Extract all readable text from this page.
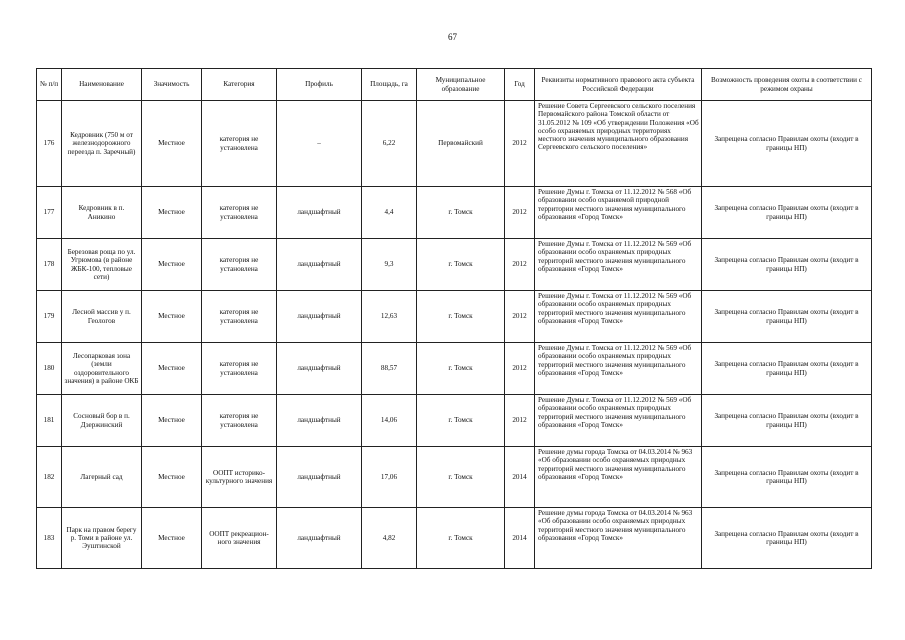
67
№ п/п	Наименование	Значимость	Категория	Профиль	Площадь, га	Муниципальное образование	Год	Реквизиты нормативного правового акта субъекта Российской Федерации	Возможность проведения охоты в соответствии с режимом охраны
176	Кедровник (750 м от железнодорожного переезда п. Заречный)	Местное	категория не установлена	–	6,22	Первомайский	2012	Решение Совета Сергеевского сельского поселения Первомайского района Томской области от 31.05.2012 № 109 «Об утверждении Положения «Об особо охраняемых природных территориях местного значения муниципального образования Сергеевского сельского поселения»	Запрещена согласно Правилам охоты (входит в границы НП)
177	Кедровник в п. Аникино	Местное	категория не установлена	ландшафтный	4,4	г. Томск	2012	Решение Думы г. Томска от 11.12.2012 № 568 «Об образовании особо охраняемой природной территории местного значения муниципального образования «Город Томск»	Запрещена согласно Правилам охоты (входит в границы НП)
178	Березовая роща по ул. Угрюмова (в районе ЖБК-100, тепловые сети)	Местное	категория не установлена	ландшафтный	9,3	г. Томск	2012	Решение Думы г. Томска от 11.12.2012 № 569 «Об образовании особо охраняемых природных территорий местного значения муниципального образования «Город Томск»	Запрещена согласно Правилам охоты (входит в границы НП)
179	Лесной массив у п. Геологов	Местное	категория не установлена	ландшафтный	12,63	г. Томск	2012	Решение Думы г. Томска от 11.12.2012 № 569 «Об образовании особо охраняемых природных территорий местного значения муниципального образования «Город Томск»	Запрещена согласно Правилам охоты (входит в границы НП)
180	Лесопарковая зона (земли оздоровительного значения) в районе ОКБ	Местное	категория не установлена	ландшафтный	88,57	г. Томск	2012	Решение Думы г. Томска от 11.12.2012 № 569 «Об образовании особо охраняемых природных территорий местного значения муниципального образования «Город Томск»	Запрещена согласно Правилам охоты (входит в границы НП)
181	Сосновый бор в п. Дзержинский	Местное	категория не установлена	ландшафтный	14,06	г. Томск	2012	Решение Думы г. Томска от 11.12.2012 № 569 «Об образовании особо охраняемых природных территорий местного значения муниципального образования «Город Томск»	Запрещена согласно Правилам охоты (входит в границы НП)
182	Лагерный сад	Местное	ООПТ историко-культурного значения	ландшафтный	17,06	г. Томск	2014	Решение думы города Томска от 04.03.2014 № 963 «Об образовании особо охраняемых природных территорий местного значения муниципального образования «Город Томск»	Запрещена согласно Правилам охоты (входит в границы НП)
183	Парк на правом берегу р. Томи в районе ул. Эуштинской	Местное	ООПТ рекреацион-ного значения	ландшафтный	4,82	г. Томск	2014	Решение думы города Томска от 04.03.2014 № 963 «Об образовании особо охраняемых природных территорий местного значения муниципального образования «Город Томск»	Запрещена согласно Правилам охоты (входит в границы НП)
